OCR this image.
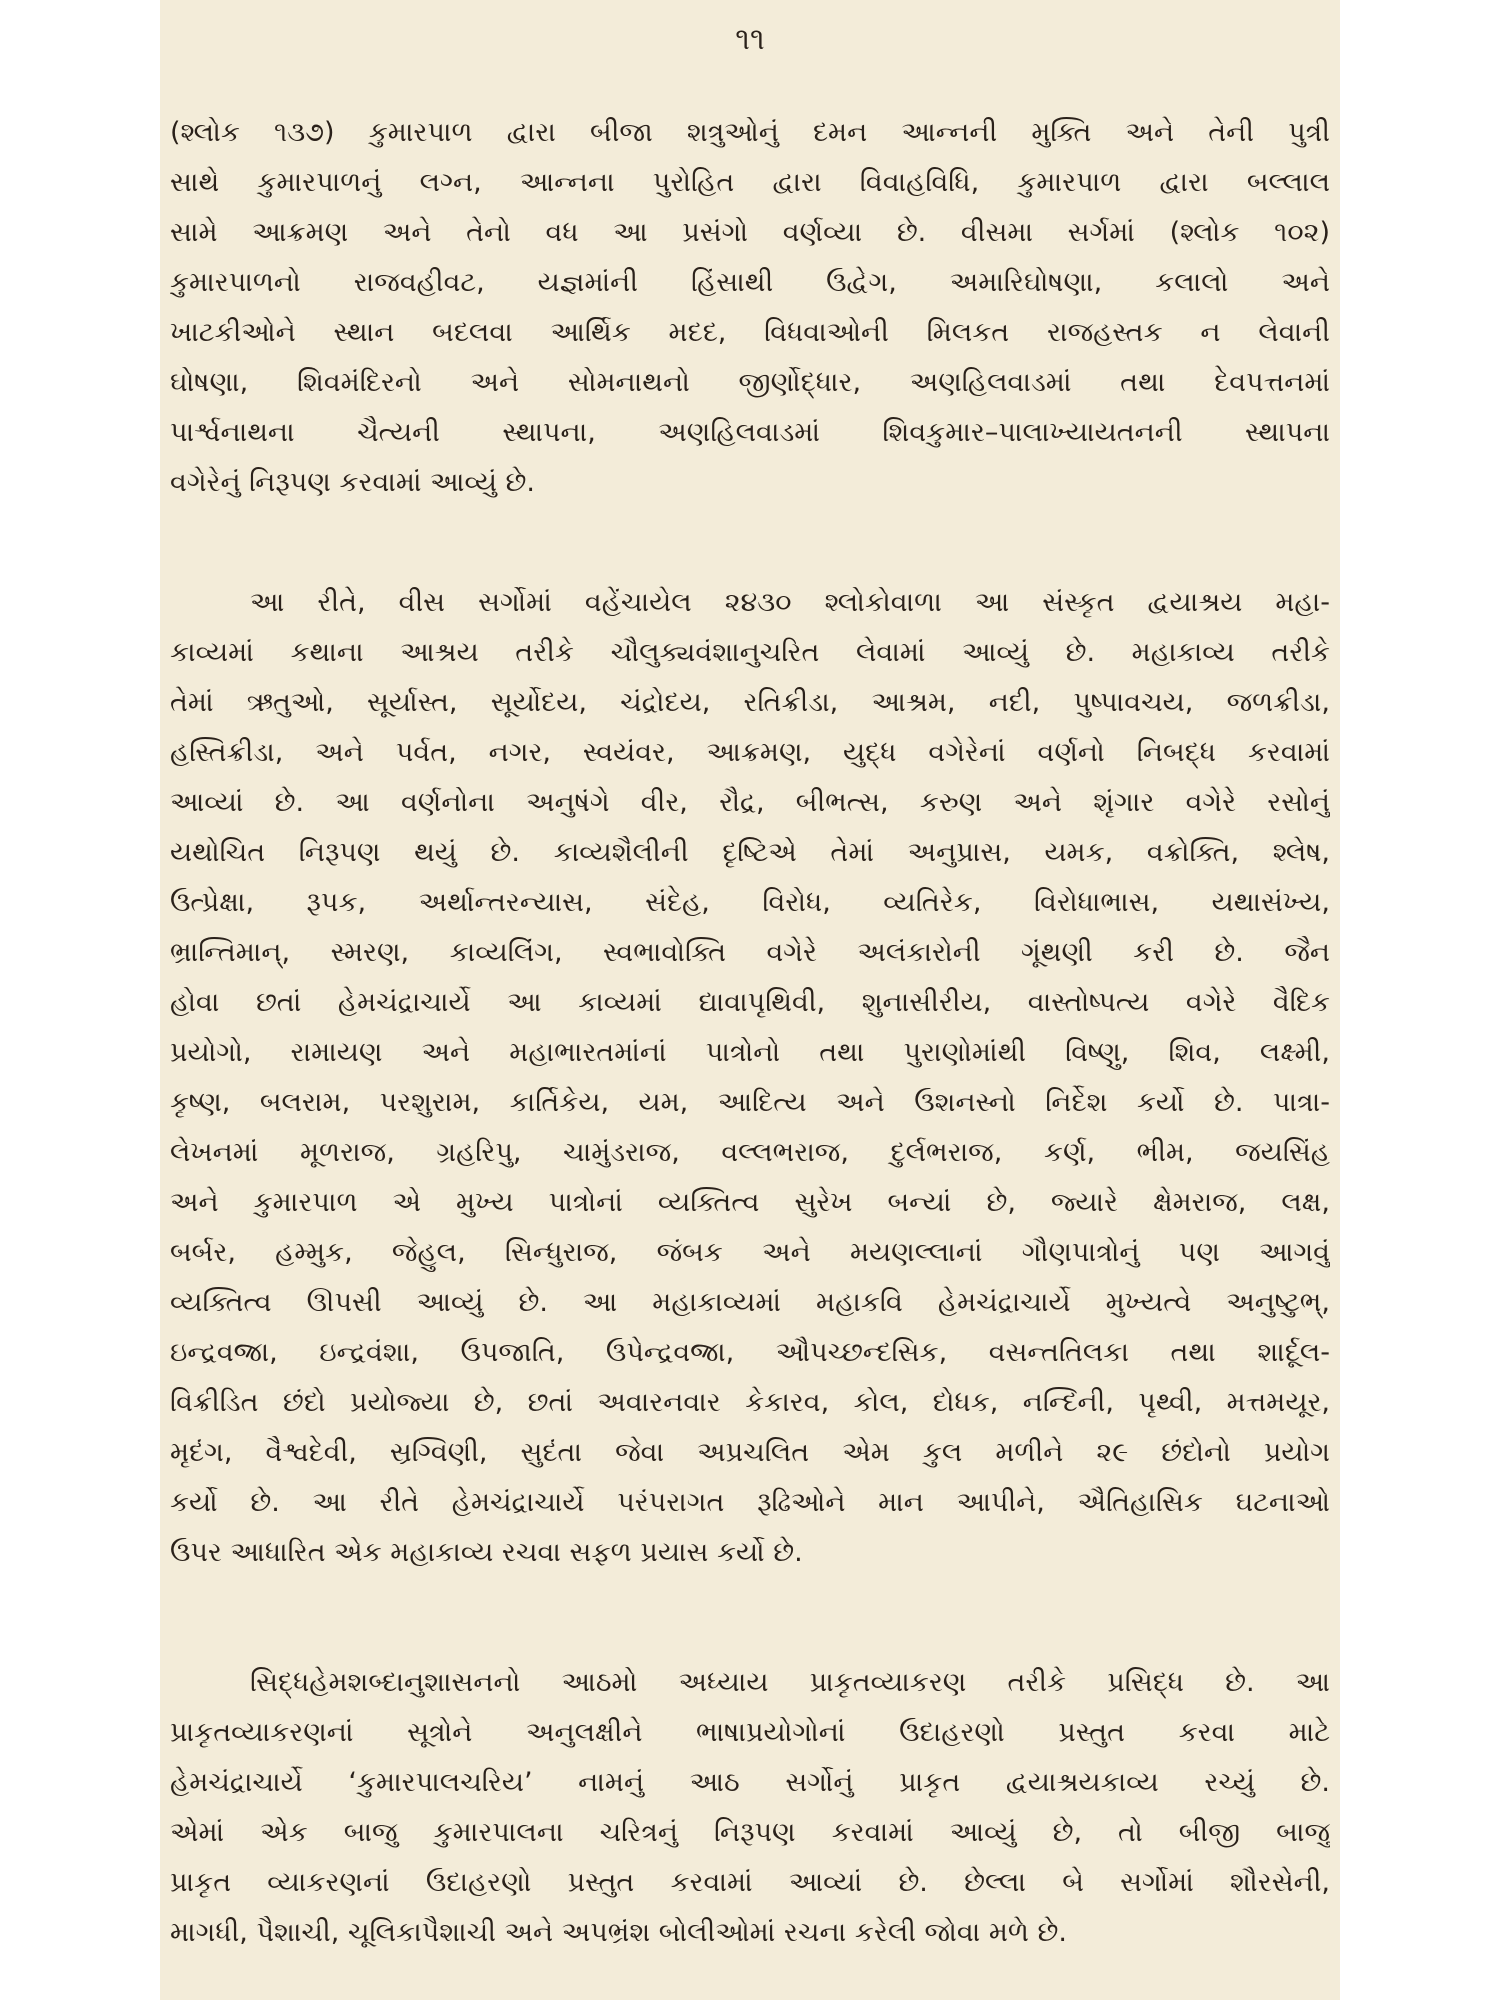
૧૧
(શ્લોક ૧૩૭) કુમારપાળ દ્વારા બીજા શત્રુઓનું દમન આન્નની મુક્તિ અને તેની પુત્રી
સાથે કુમારપાળનું લગ્ન, આન્નના પુરોહિત દ્વારા વિવાહવિધિ, કુમારપાળ દ્વારા બલ્લાલ
સામે આક્રમણ અને તેનો વધ આ પ્રસંગો વર્ણવ્યા છે. વીસમા સર્ગમાં (શ્લોક ૧૦૨)
કુમારપાળનો રાજવહીવટ, યજ્ઞમાંની હિંસાથી ઉદ્વેગ, અમારિઘોષણા, કલાલો અને
ખાટકીઓને સ્થાન બદલવા આર્થિક મદદ, વિધવાઓની મિલકત રાજહસ્તક ન લેવાની
ઘોષણા, શિવમંદિરનો અને સોમનાથનો જીર્ણોદ્ધાર, અણહિલવાડમાં તથા દેવપત્તનમાં
પાર્શ્વનાથના ચૈત્યની સ્થાપના, અણહિલવાડમાં શિવકુમાર–પાલાખ્યાયતનની સ્થાપના
વગેરેનું નિરૂપણ કરવામાં આવ્યું છે.
આ રીતે, વીસ સર્ગોમાં વહેંચાયેલ ૨૪૩૦ શ્લોકોવાળા આ સંસ્કૃત દ્વયાશ્રય મહા-
કાવ્યમાં કથાના આશ્રય તરીકે ચૌલુક્યવંશાનુચરિત લેવામાં આવ્યું છે. મહાકાવ્ય તરીકે
તેમાં ઋતુઓ, સૂર્યાસ્ત, સૂર્યોદય, ચંદ્રોદય, રતિક્રીડા, આશ્રમ, નદી, પુષ્પાવચય, જળક્રીડા,
હસ્તિક્રીડા, અને પર્વત, નગર, સ્વયંવર, આક્રમણ, યુદ્ધ વગેરેનાં વર્ણનો નિબદ્ધ કરવામાં
આવ્યાં છે. આ વર્ણનોના અનુષંગે વીર, રૌદ્ર, બીભત્સ, કરુણ અને શૃંગાર વગેરે રસોનું
યથોચિત નિરૂપણ થયું છે. કાવ્યશૈલીની દૃષ્ટિએ તેમાં અનુપ્રાસ, યમક, વક્રોક્તિ, શ્લેષ,
ઉત્પ્રેક્ષા, રૂપક, અર્થાન્તરન્યાસ, સંદેહ, વિરોધ, વ્યતિરેક, વિરોધાભાસ, યથાસંખ્ય,
ભ્રાન્તિમાન્, સ્મરણ, કાવ્યલિંગ, સ્વભાવોક્તિ વગેરે અલંકારોની ગૂંથણી કરી છે. જૈન
હોવા છતાં હેમચંદ્રાચાર્યે આ કાવ્યમાં દ્યાવાપૃથિવી, શુનાસીરીય, વાસ્તોષ્પત્ય વગેરે વૈદિક
પ્રયોગો, રામાયણ અને મહાભારતમાંનાં પાત્રોનો તથા પુરાણોમાંથી વિષ્ણુ, શિવ, લક્ષ્મી,
કૃષ્ણ, બલરામ, પરશુરામ, કાર્તિકેય, યમ, આદિત્ય અને ઉશનસ્નો નિર્દેશ કર્યો છે. પાત્રા-
લેખનમાં મૂળરાજ, ગ્રહરિપુ, ચામુંડરાજ, વલ્લભરાજ, દુર્લભરાજ, કર્ણ, ભીમ, જયસિંહ
અને કુમારપાળ એ મુખ્ય પાત્રોનાં વ્યક્તિત્વ સુરેખ બન્યાં છે, જ્યારે ક્ષેમરાજ, લક્ષ,
બર્બર, હમ્મુક, જેહુલ, સિન્ધુરાજ, જંબક અને મયણલ્લાનાં ગૌણપાત્રોનું પણ આગવું
વ્યક્તિત્વ ઊપસી આવ્યું છે. આ મહાકાવ્યમાં મહાકવિ હેમચંદ્રાચાર્યે મુખ્યત્વે અનુષ્ટુભ્,
ઇન્દ્રવજ્રા, ઇન્દ્રવંશા, ઉપજાતિ, ઉપેન્દ્રવજ્રા, ઔપચ્છન્દસિક, વસન્તતિલકા તથા શાર્દૂલ-
વિક્રીડિત છંદો પ્રયોજ્યા છે, છતાં અવારનવાર કેકારવ, કોલ, દોધક, નન્દિની, પૃથ્વી, મત્તમયૂર,
મૃદંગ, વૈશ્વદેવી, સ્રગ્વિણી, સુદંતા જેવા અપ્રચલિત એમ કુલ મળીને ૨૯ છંદોનો પ્રયોગ
કર્યો છે. આ રીતે હેમચંદ્રાચાર્યે પરંપરાગત રૂઢિઓને માન આપીને, ઐતિહાસિક ઘટનાઓ
ઉપર આધારિત એક મહાકાવ્ય રચવા સફળ પ્રયાસ કર્યો છે.
સિદ્ધહેમશબ્દાનુશાસનનો આઠમો અધ્યાય પ્રાકૃતવ્યાકરણ તરીકે પ્રસિદ્ધ છે. આ
પ્રાકૃતવ્યાકરણનાં સૂત્રોને અનુલક્ષીને ભાષાપ્રયોગોનાં ઉદાહરણો પ્રસ્તુત કરવા માટે
હેમચંદ્રાચાર્યે ‘કુમારપાલચરિય’ નામનું આઠ સર્ગોનું પ્રાકૃત દ્વયાશ્રયકાવ્ય રચ્યું છે.
એમાં એક બાજુ કુમારપાલના ચરિત્રનું નિરૂપણ કરવામાં આવ્યું છે, તો બીજી બાજુ
પ્રાકૃત વ્યાકરણનાં ઉદાહરણો પ્રસ્તુત કરવામાં આવ્યાં છે. છેલ્લા બે સર્ગોમાં શૌરસેની,
માગધી, પૈશાચી, ચૂલિકાપૈશાચી અને અપભ્રંશ બોલીઓમાં રચના કરેલી જોવા મળે છે.
